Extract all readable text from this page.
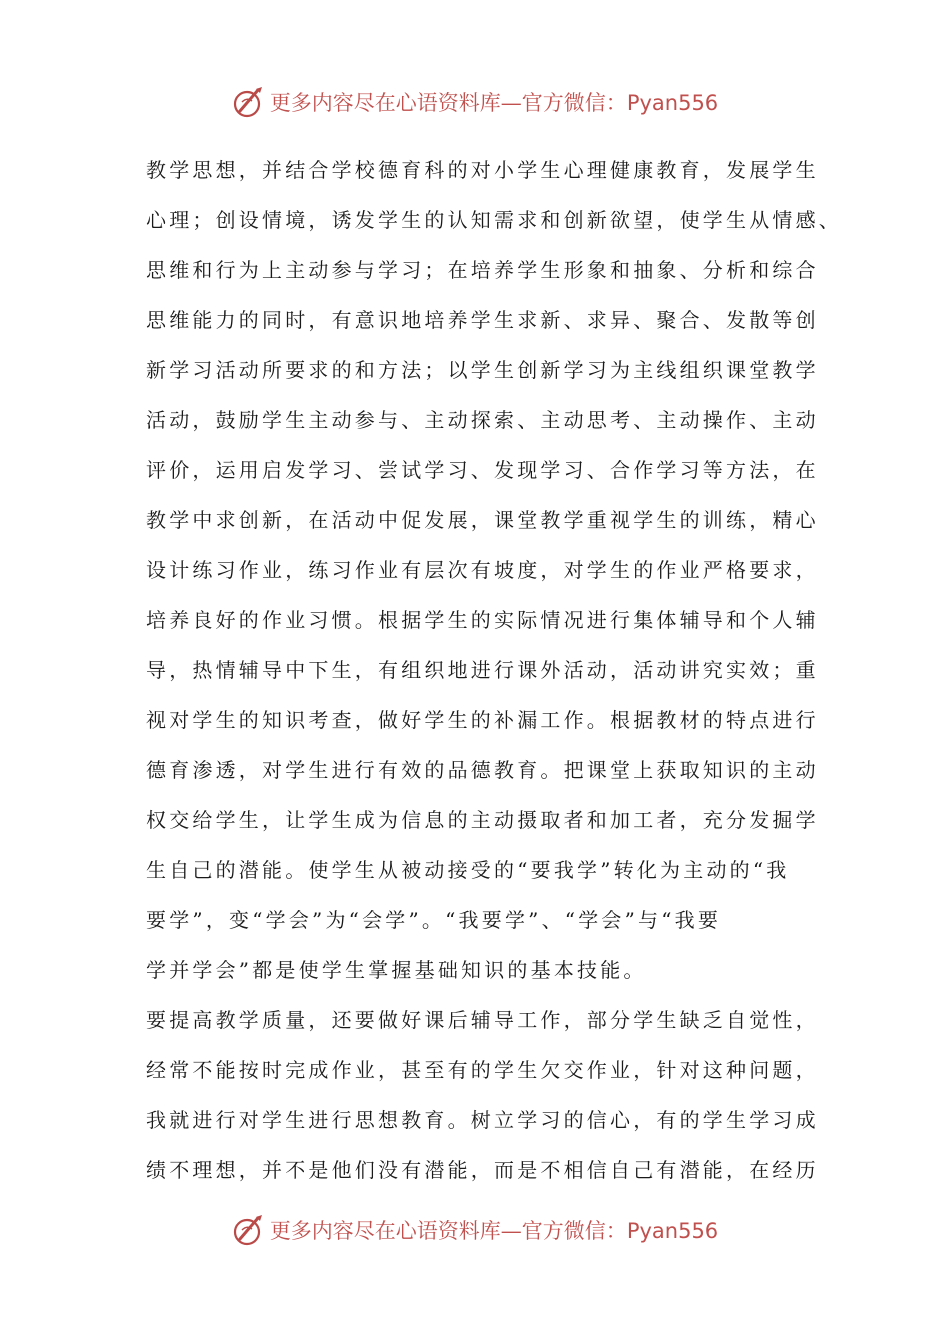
更多内容尽在心语资料库—官方微信：Pyan556
教学思想，并结合学校德育科的对小学生心理健康教育，发展学生
心理；创设情境，诱发学生的认知需求和创新欲望，使学生从情感、
思维和行为上主动参与学习；在培养学生形象和抽象、分析和综合
思维能力的同时，有意识地培养学生求新、求异、聚合、发散等创
新学习活动所要求的和方法；以学生创新学习为主线组织课堂教学
活动，鼓励学生主动参与、主动探索、主动思考、主动操作、主动
评价，运用启发学习、尝试学习、发现学习、合作学习等方法，在
教学中求创新，在活动中促发展，课堂教学重视学生的训练，精心
设计练习作业，练习作业有层次有坡度，对学生的作业严格要求，
培养良好的作业习惯。根据学生的实际情况进行集体辅导和个人辅
导，热情辅导中下生，有组织地进行课外活动，活动讲究实效；重
视对学生的知识考查，做好学生的补漏工作。根据教材的特点进行
德育渗透，对学生进行有效的品德教育。把课堂上获取知识的主动
权交给学生，让学生成为信息的主动摄取者和加工者，充分发掘学
生自己的潜能。使学生从被动接受的“要我学”转化为主动的“我
要学”，变“学会”为“会学”。“我要学”、“学会”与“我要
学并学会”都是使学生掌握基础知识的基本技能。
要提高教学质量，还要做好课后辅导工作，部分学生缺乏自觉性，
经常不能按时完成作业，甚至有的学生欠交作业，针对这种问题，
我就进行对学生进行思想教育。树立学习的信心，有的学生学习成
绩不理想，并不是他们没有潜能，而是不相信自己有潜能，在经历
更多内容尽在心语资料库—官方微信：Pyan556
